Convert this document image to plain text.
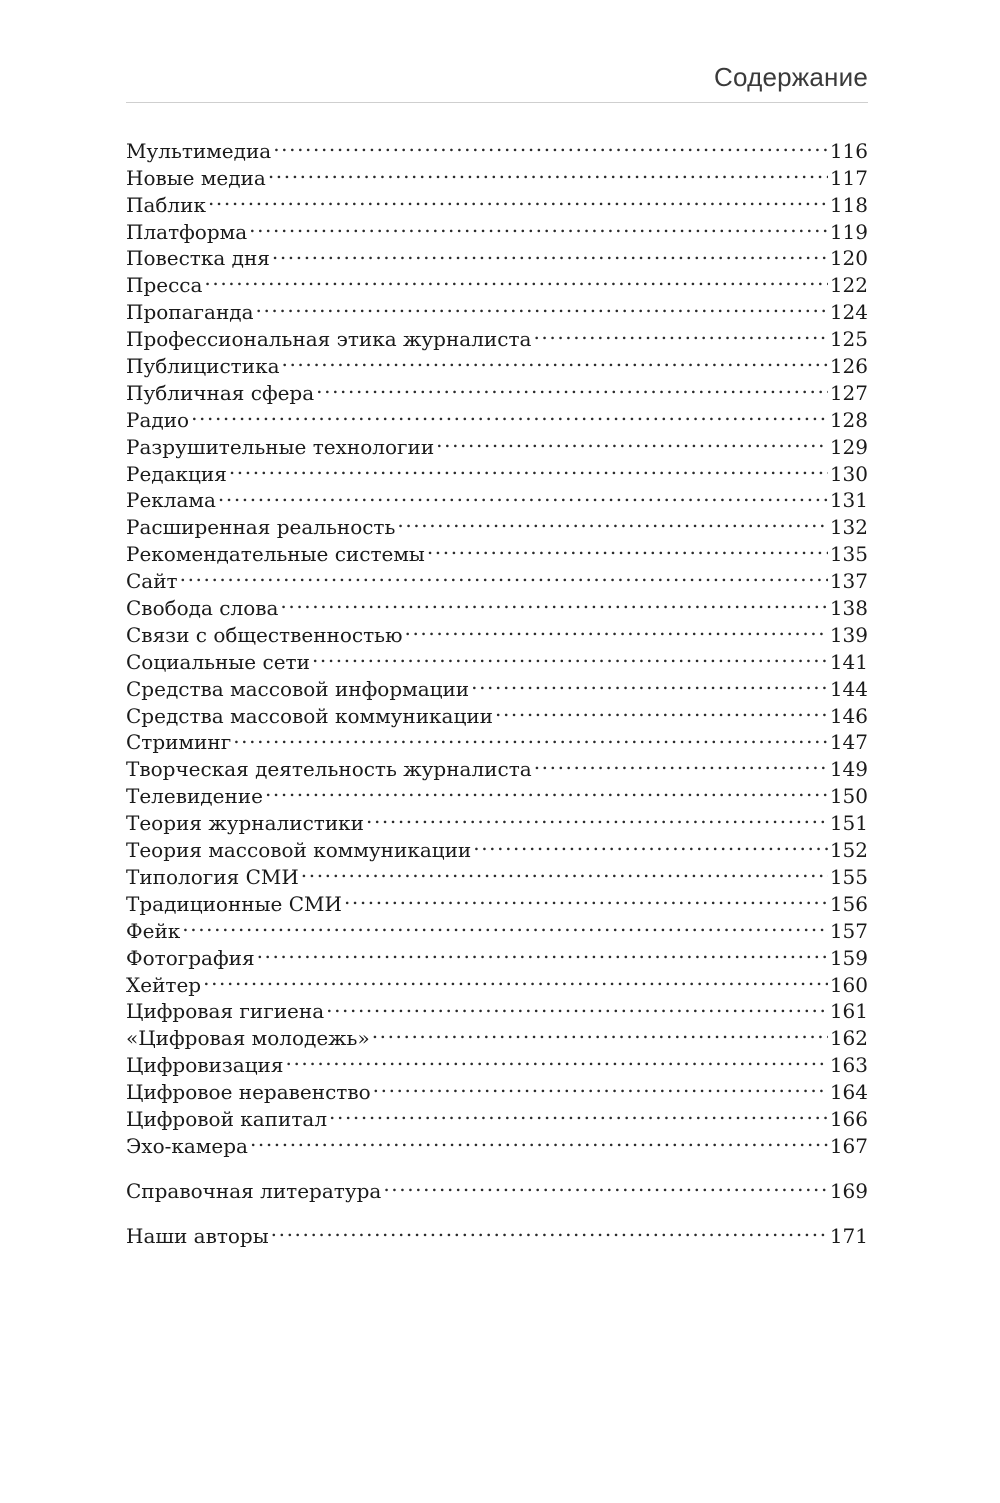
Содержание
Мультимедиа .....	116
Новые медиа .....	117
Паблик .....	118
Платформа .....	119
Повестка дня .....	120
Пресса .....	122
Пропаганда .....	124
Профессиональная этика журналиста .....	125
Публицистика .....	126
Публичная сфера .....	127
Радио .....	128
Разрушительные технологии .....	129
Редакция .....	130
Реклама .....	131
Расширенная реальность .....	132
Рекомендательные системы .....	135
Сайт .....	137
Свобода слова .....	138
Связи с общественностью .....	139
Социальные сети .....	141
Средства массовой информации .....	144
Средства массовой коммуникации .....	146
Стриминг .....	147
Творческая деятельность журналиста .....	149
Телевидение .....	150
Теория журналистики .....	151
Теория массовой коммуникации .....	152
Типология СМИ .....	155
Традиционные СМИ .....	156
Фейк .....	157
Фотография .....	159
Хейтер .....	160
Цифровая гигиена .....	161
«Цифровая молодежь» .....	162
Цифровизация .....	163
Цифровое неравенство .....	164
Цифровой капитал .....	166
Эхо-камера .....	167
Справочная литература .....	169
Наши авторы .....	171
